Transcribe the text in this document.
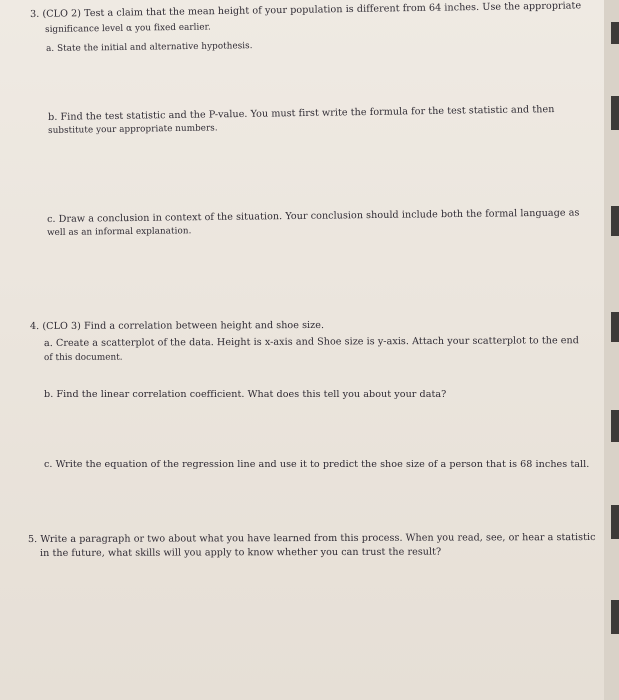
3. (CLO 2) Test a claim that the mean height of your population is different from 64 inches. Use the appropriate
significance level α you fixed earlier.
a. State the initial and alternative hypothesis.
b. Find the test statistic and the P-value. You must first write the formula for the test statistic and then
substitute your appropriate numbers.
c. Draw a conclusion in context of the situation. Your conclusion should include both the formal language as
well as an informal explanation.
4. (CLO 3) Find a correlation between height and shoe size.
a. Create a scatterplot of the data. Height is x-axis and Shoe size is y-axis. Attach your scatterplot to the end
of this document.
b. Find the linear correlation coefficient. What does this tell you about your data?
c. Write the equation of the regression line and use it to predict the shoe size of a person that is 68 inches tall.
5. Write a paragraph or two about what you have learned from this process. When you read, see, or hear a statistic
in the future, what skills will you apply to know whether you can trust the result?
